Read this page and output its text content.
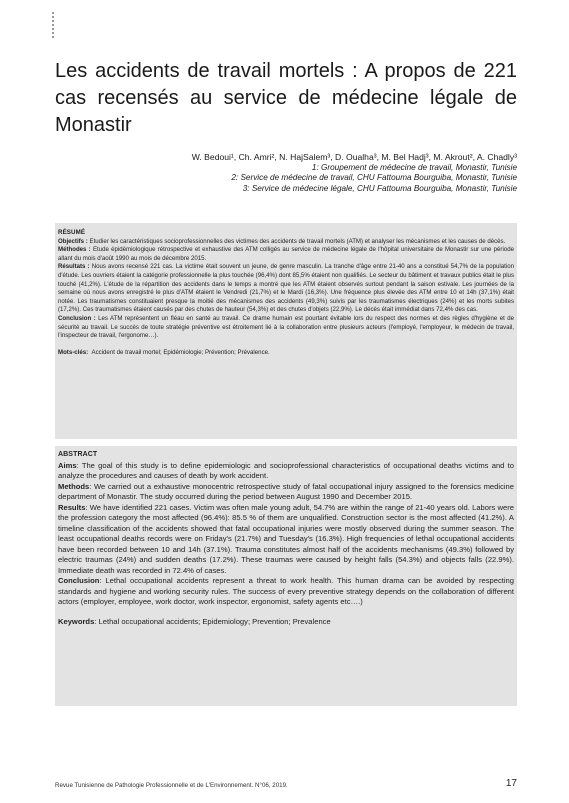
Les accidents de travail mortels : A propos de 221 cas recensés au service de médecine légale de Monastir
W. Bedoui¹, Ch. Amri², N. HajSalem³, D. Oualha³, M. Bel Hadj³, M. Akrout², A. Chadly³
1: Groupement de médecine de travail, Monastir, Tunisie
2: Service de médecine de travail, CHU Fattouma Bourguiba, Monastir, Tunisie
3: Service de médecine légale, CHU Fattouma Bourguiba, Monastir, Tunisie

RÉSUMÉ

Objectifs : Etudier les caractéristiques socioprofessionnelles des victimes des accidents de travail mortels (ATM) et analyser les mécanismes et les causes de décès.

Méthodes : Etude épidémiologique rétrospective et exhaustive des ATM colligés au service de médecine légale de l'hôpital universitaire de Monastir sur une période allant du mois d'août 1990 au mois de décembre 2015.

Résultats : Nous avons recensé 221 cas. La victime était souvent un jeune, de genre masculin. La tranche d'âge entre 21-40 ans a constitué 54,7% de la population d'étude. Les ouvriers étaient la catégorie professionnelle la plus touchée (96,4%) dont 85,5% étaient non qualifiés. Le secteur du bâtiment et travaux publics était le plus touché (41,2%). L'étude de la répartition des accidents dans le temps a montré que les ATM étaient observés surtout pendant la saison estivale. Les journées de la semaine où nous avons enregistré le plus d'ATM étaient le Vendredi (21,7%) et le Mardi (16,3%). Une fréquence plus élevée des ATM entre 10 et 14h (37,1%) était notée. Les traumatismes constituaient presque la moitié des mécanismes des accidents (49,3%) suivis par les traumatismes électriques (24%) et les morts subites (17,2%). Ces traumatismes étaient causés par des chutes de hauteur (54,3%) et des chutes d'objets (22,9%). Le décès était immédiat dans 72,4% des cas.

Conclusion : Les ATM représentent un fléau en santé au travail. Ce drame humain est pourtant évitable lors du respect des normes et des règles d'hygiène et de sécurité au travail. Le succès de toute stratégie préventive est étroitement lié à la collaboration entre plusieurs acteurs (l'employé, l'employeur, le médecin de travail, l'inspecteur de travail, l'ergonome…).

Mots-clés: Accident de travail mortel; Epidémiologie; Prévention; Prévalence.

ABSTRACT

Aims: The goal of this study is to define epidemiologic and socioprofessional characteristics of occupational deaths victims and to analyze the procedures and causes of death by work accident.

Methods: We carried out a exhaustive monocentric retrospective study of fatal occupational injury assigned to the forensics medicine department of Monastir. The study occurred during the period between August 1990 and December 2015.

Results: We have identified 221 cases. Victim was often male young adult, 54.7% are within the range of 21-40 years old. Labors were the profession category the most affected (96.4%): 85.5 % of them are unqualified. Construction sector is the most affected (41.2%). A timeline classification of the accidents showed that fatal occupational injuries were mostly observed during the summer season. The least occupational deaths records were on Friday's (21.7%) and Tuesday's (16.3%). High frequencies of lethal occupational accidents have been recorded between 10 and 14h (37.1%). Trauma constitutes almost half of the accidents mechanisms (49.3%) followed by electric traumas (24%) and sudden deaths (17.2%). These traumas were caused by height falls (54.3%) and objects falls (22.9%). Immediate death was recorded in 72.4% of cases.

Conclusion: Lethal occupational accidents represent a threat to work health. This human drama can be avoided by respecting standards and hygiene and working security rules. The success of every preventive strategy depends on the collaboration of different actors (employer, employee, work doctor, work inspector, ergonomist, safety agents etc….)

Keywords: Lethal occupational accidents; Epidemiology; Prevention; Prevalence

Revue Tunisienne de Pathologie Professionnelle et de L'Environnement. N°06, 2019.	17
